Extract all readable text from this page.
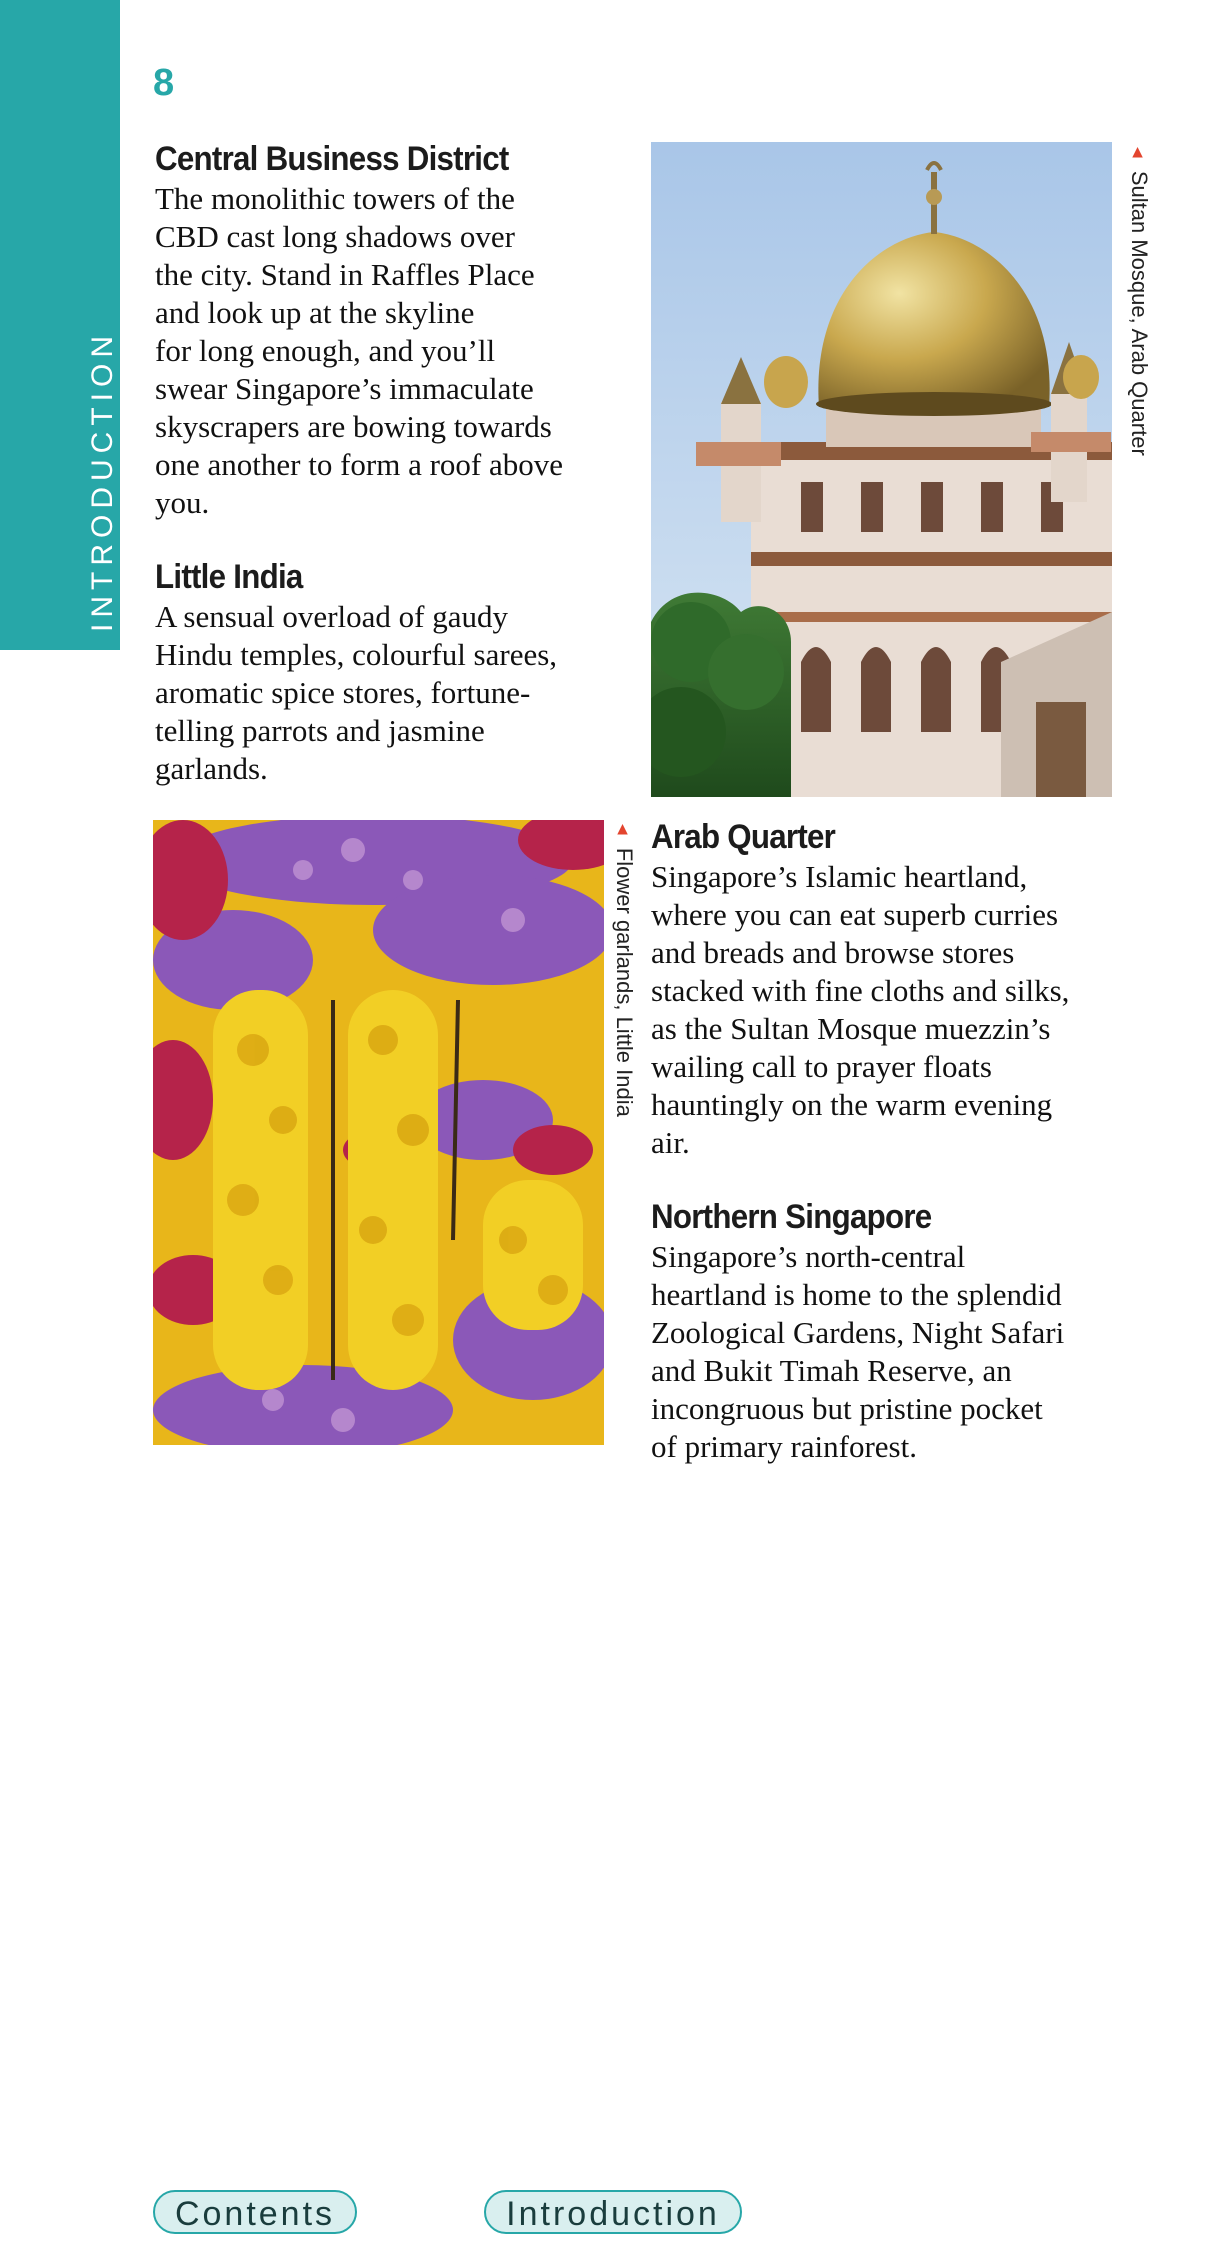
INTRODUCTION
8
Central Business District
The monolithic towers of the
CBD cast long shadows over
the city. Stand in Raffles Place
and look up at the skyline
for long enough, and you’ll
swear Singapore’s immaculate
skyscrapers are bowing towards
one another to form a roof above
you.
Little India
A sensual overload of gaudy
Hindu temples, colourful sarees,
aromatic spice stores, fortune-
telling parrots and jasmine
garlands.
▲Sultan Mosque, Arab Quarter
▲Flower garlands, Little India
Arab Quarter
Singapore’s Islamic heartland,
where you can eat superb curries
and breads and browse stores
stacked with fine cloths and silks,
as the Sultan Mosque muezzin’s
wailing call to prayer floats
hauntingly on the warm evening
air.
Northern Singapore
Singapore’s north-central
heartland is home to the splendid
Zoological Gardens, Night Safari
and Bukit Timah Reserve, an
incongruous but pristine pocket
of primary rainforest.
Contents	Introduction
